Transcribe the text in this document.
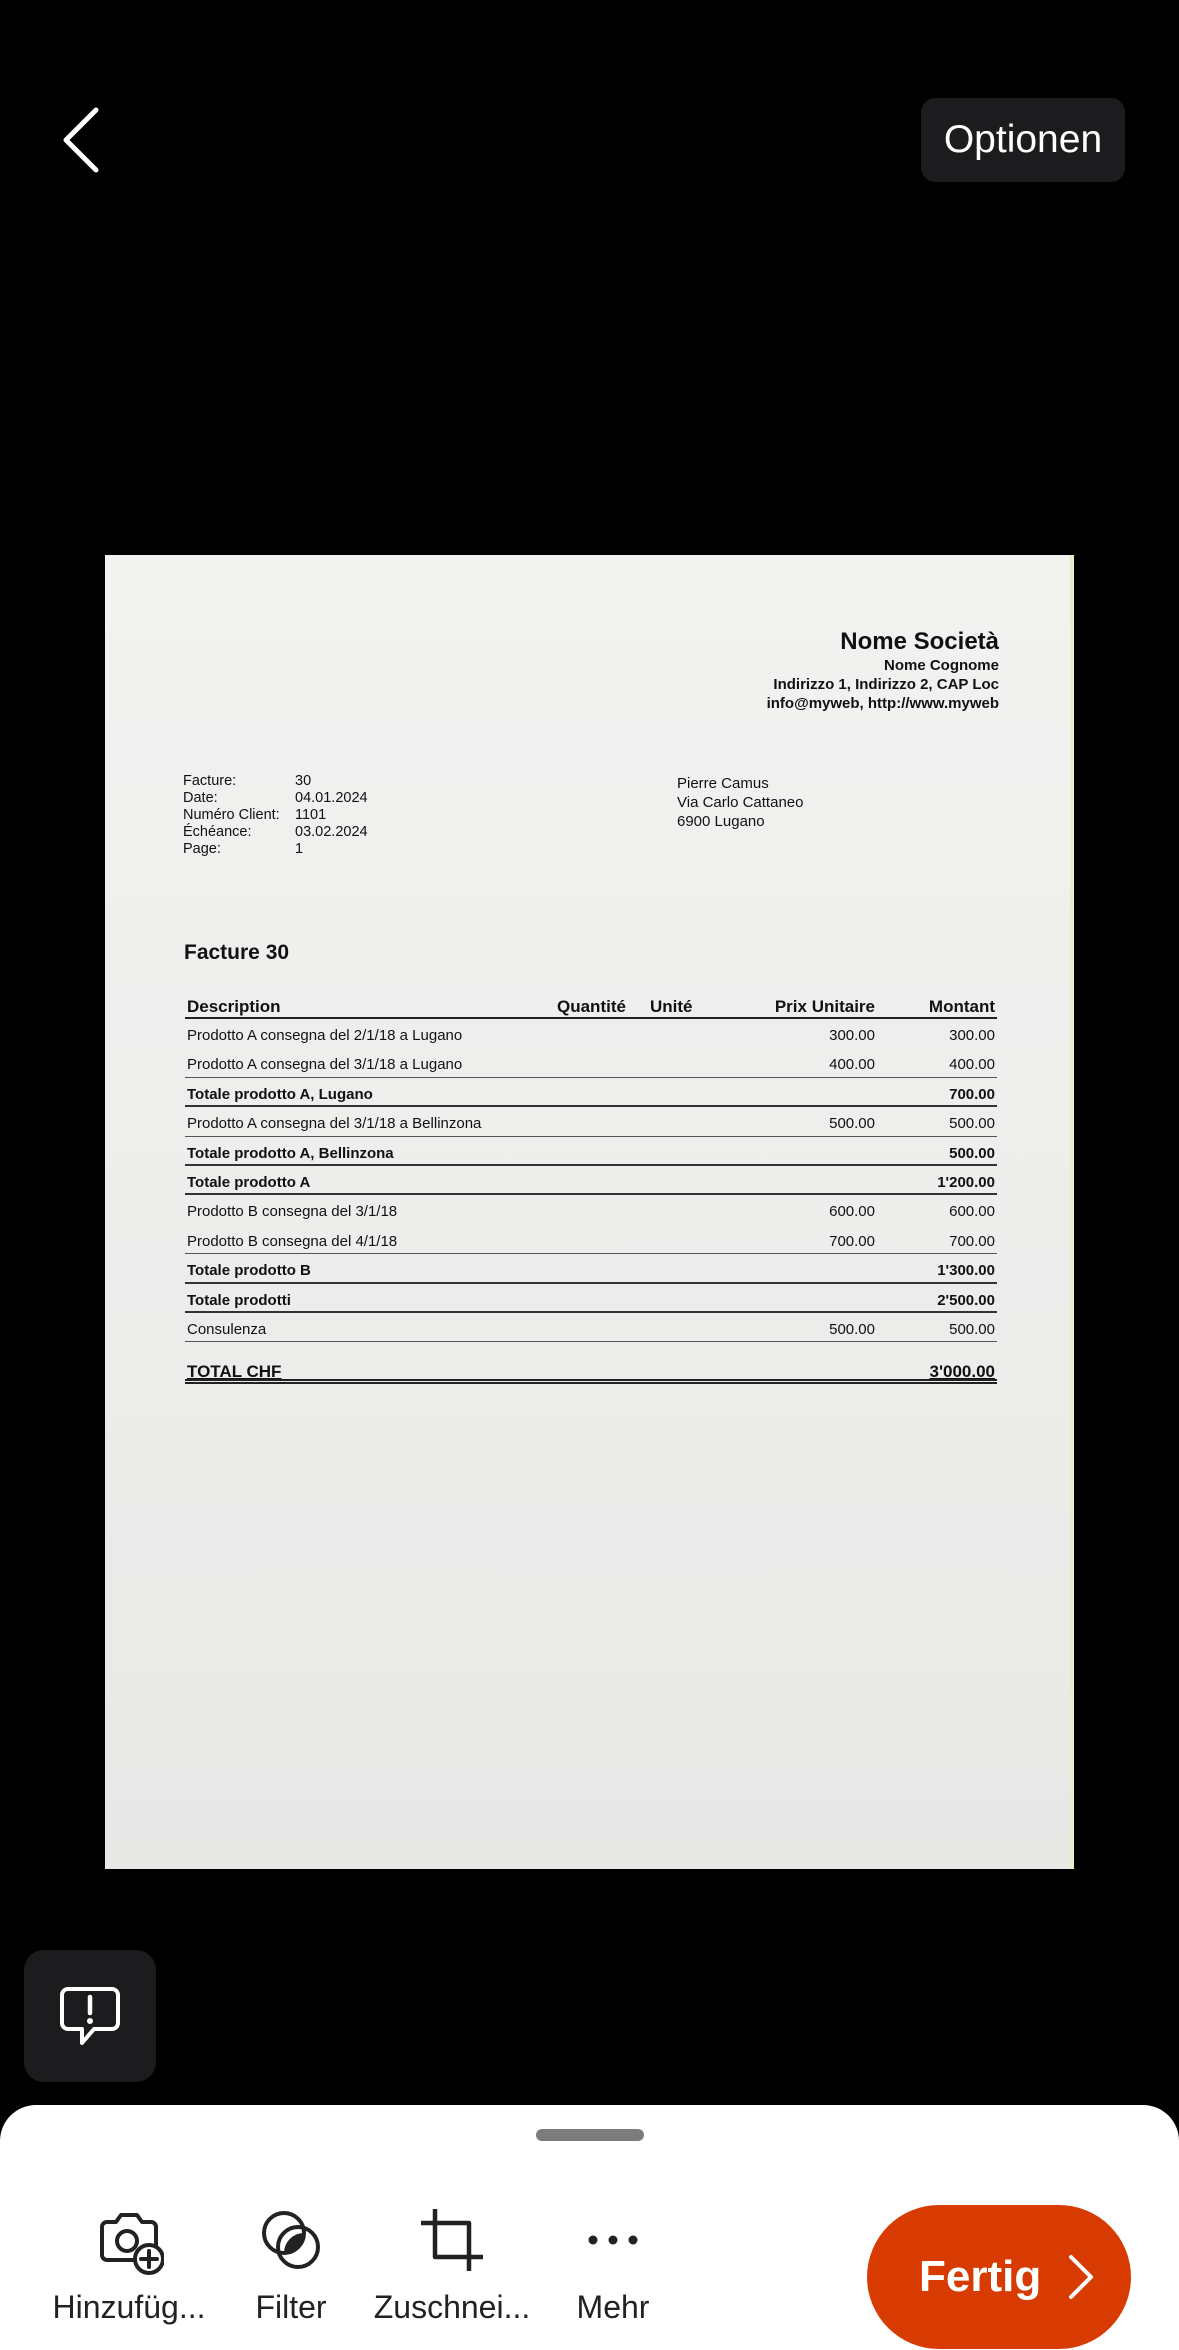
Optionen
Nome Società
Nome Cognome
Indirizzo 1, Indirizzo 2, CAP Loc
info@myweb, http://www.myweb
Facture:	30
Date:	04.01.2024
Numéro Client:	1101
Échéance:	03.02.2024
Page:	1
Pierre Camus
Via Carlo Cattaneo
6900 Lugano
Facture 30
Description	Quantité Unité	Prix Unitaire	Montant
Prodotto A consegna del 2/1/18 a Lugano	300.00	300.00
Prodotto A consegna del 3/1/18 a Lugano	400.00	400.00
Totale prodotto A, Lugano	700.00
Prodotto A consegna del 3/1/18 a Bellinzona	500.00	500.00
Totale prodotto A, Bellinzona	500.00
Totale prodotto A	1'200.00
Prodotto B consegna del 3/1/18	600.00	600.00
Prodotto B consegna del 4/1/18	700.00	700.00
Totale prodotto B	1'300.00
Totale prodotti	2'500.00
Consulenza	500.00	500.00
TOTAL CHF	3'000.00
Hinzufüg...	Filter	Zuschnei...	Mehr
Fertig
